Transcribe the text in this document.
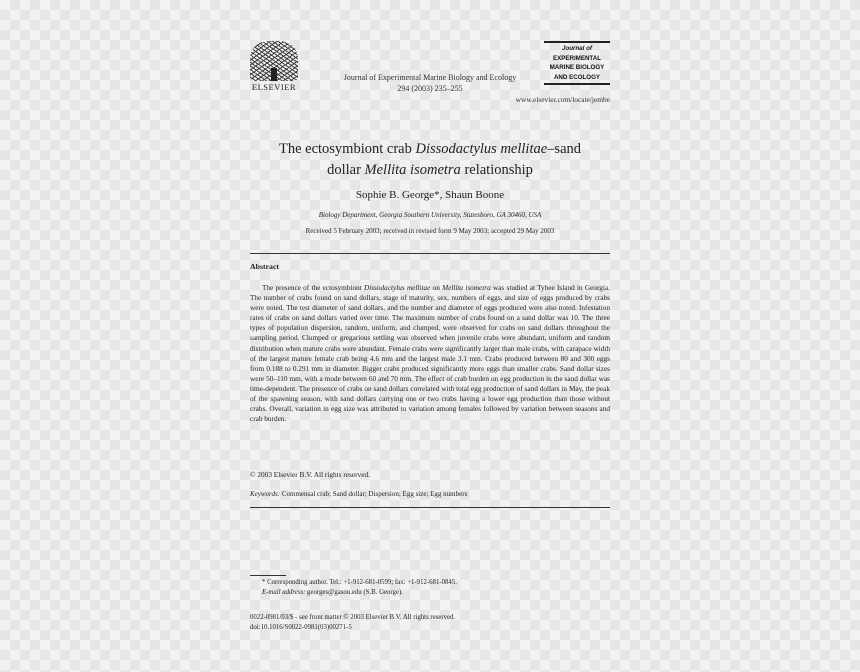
ELSEVIER
Journal of Experimental Marine Biology and Ecology
294 (2003) 235–255
Journal of
EXPERIMENTAL
MARINE BIOLOGY
AND ECOLOGY
www.elsevier.com/locate/jembe
The ectosymbiont crab Dissodactylus mellitae–sand
dollar Mellita isometra relationship
Sophie B. George*, Shaun Boone
Biology Department, Georgia Southern University, Statesboro, GA 30460, USA
Received 5 February 2003; received in revised form 9 May 2003; accepted 29 May 2003
Abstract
The presence of the ectosymbiont Dissodactylus mellitae on Mellita isometra was studied at Tybee Island in Georgia. The number of crabs found on sand dollars, stage of maturity, sex, numbers of eggs, and size of eggs produced by crabs were noted. The test diameter of sand dollars, and the number and diameter of eggs produced were also noted. Infestation rates of crabs on sand dollars varied over time. The maximum number of crabs found on a sand dollar was 10. The three types of population dispersion, random, uniform, and clumped, were observed for crabs on sand dollars throughout the sampling period. Clumped or gregarious settling was observed when juvenile crabs were abundant, uniform and random distribution when mature crabs were abundant. Female crabs were significantly larger than male crabs, with carapace width of the largest mature female crab being 4.6 mm and the largest male 3.1 mm. Crabs produced between 80 and 300 eggs from 0.188 to 0.291 mm in diameter. Bigger crabs produced significantly more eggs than smaller crabs. Sand dollar sizes were 50–110 mm, with a mode between 60 and 70 mm. The effect of crab burden on egg production in the sand dollar was time-dependent. The presence of crabs on sand dollars correlated with total egg production of sand dollars in May, the peak of the spawning season, with sand dollars carrying one or two crabs having a lower egg production than those without crabs. Overall, variation in egg size was attributed to variation among females followed by variation between seasons and crab burden.
© 2003 Elsevier B.V. All rights reserved.
Keywords: Commensal crab; Sand dollar; Dispersion; Egg size; Egg numbers
* Corresponding author. Tel.: +1-912-681-0599; fax: +1-912-681-0845.
E-mail address: georges@gasou.edu (S.B. George).
0022-0981/03/$ - see front matter © 2003 Elsevier B.V. All rights reserved.
doi:10.1016/S0022-0981(03)00271-5
